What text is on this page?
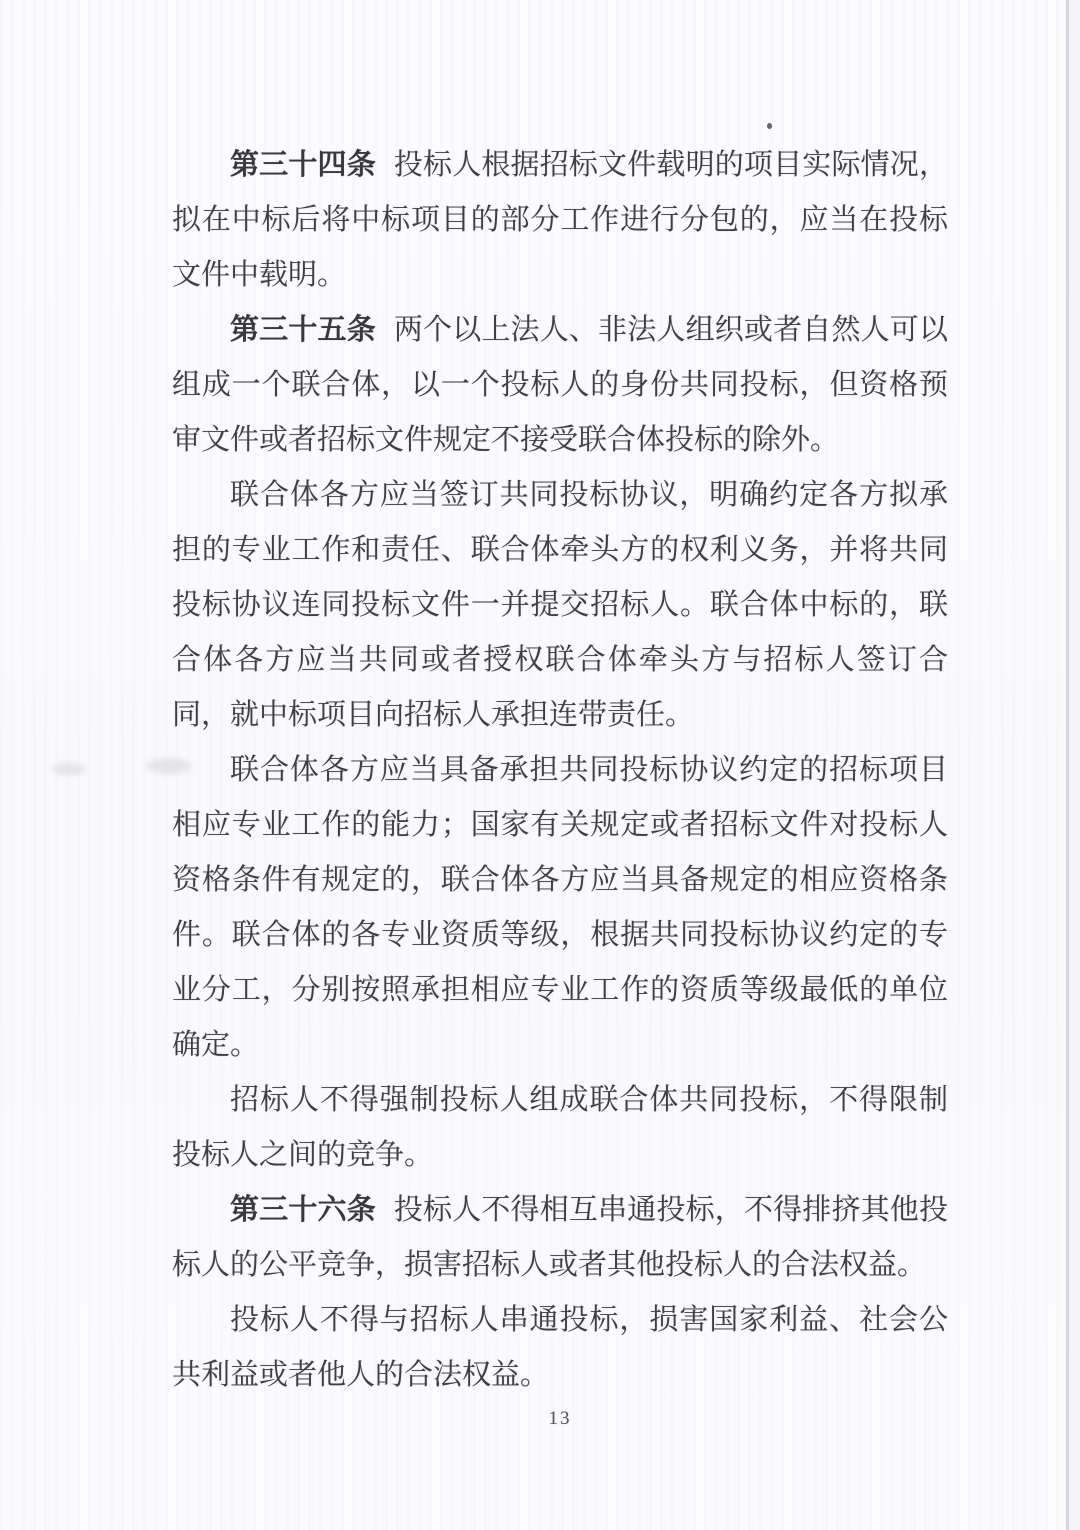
第三十四条 投标人根据招标文件载明的项目实际情况，拟在中标后将中标项目的部分工作进行分包的，应当在投标文件中载明。

第三十五条 两个以上法人、非法人组织或者自然人可以组成一个联合体，以一个投标人的身份共同投标，但资格预审文件或者招标文件规定不接受联合体投标的除外。

联合体各方应当签订共同投标协议，明确约定各方拟承担的专业工作和责任、联合体牵头方的权利义务，并将共同投标协议连同投标文件一并提交招标人。联合体中标的，联合体各方应当共同或者授权联合体牵头方与招标人签订合同，就中标项目向招标人承担连带责任。

联合体各方应当具备承担共同投标协议约定的招标项目相应专业工作的能力；国家有关规定或者招标文件对投标人资格条件有规定的，联合体各方应当具备规定的相应资格条件。联合体的各专业资质等级，根据共同投标协议约定的专业分工，分别按照承担相应专业工作的资质等级最低的单位确定。

招标人不得强制投标人组成联合体共同投标，不得限制投标人之间的竞争。

第三十六条 投标人不得相互串通投标，不得排挤其他投标人的公平竞争，损害招标人或者其他投标人的合法权益。

投标人不得与招标人串通投标，损害国家利益、社会公共利益或者他人的合法权益。

13
